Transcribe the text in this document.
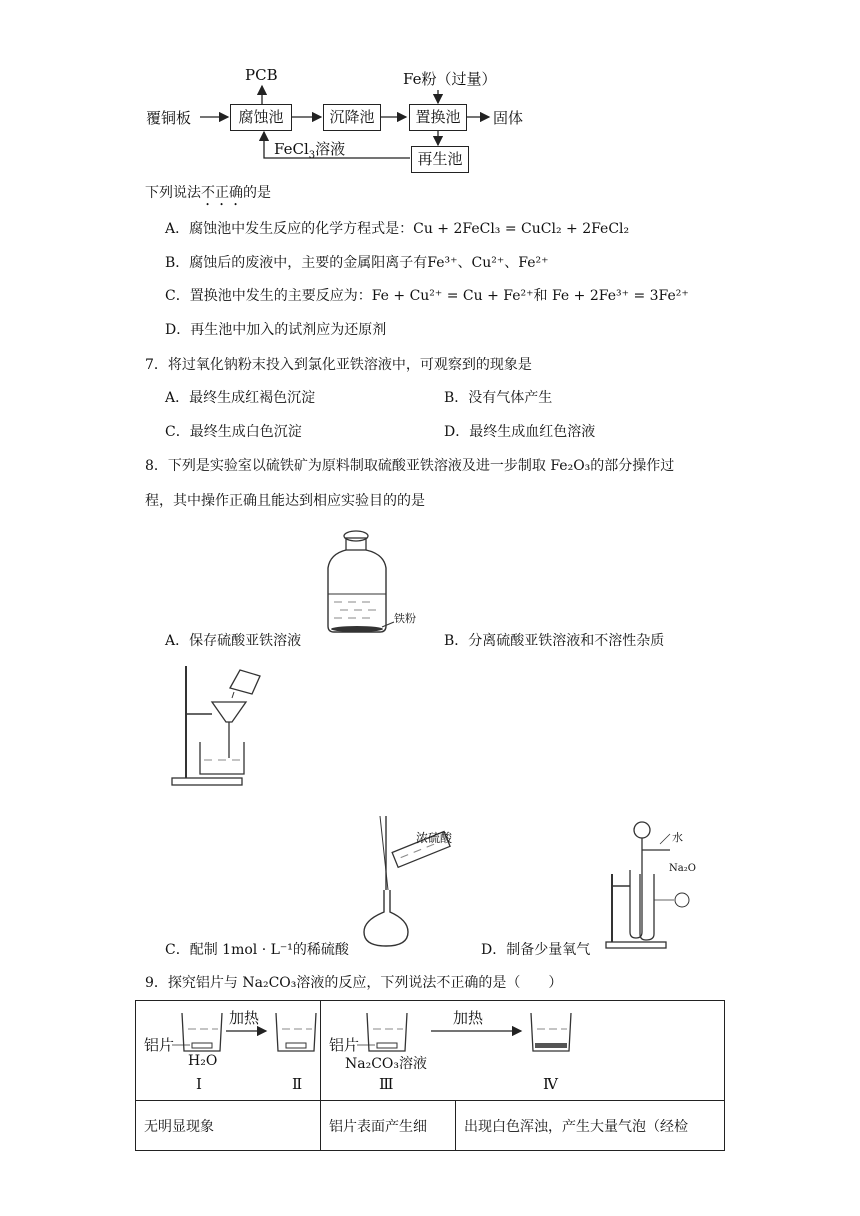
PCB
覆铜板	腐蚀池	沉降池	置换池	固体
Fe粉（过量）
再生池
FeCl$_3$溶液
下列说法不正确的是
A．腐蚀池中发生反应的化学方程式是：Cu + 2FeCl₃ = CuCl₂ + 2FeCl₂
B．腐蚀后的废液中，主要的金属阳离子有Fe³⁺、Cu²⁺、Fe²⁺
C．置换池中发生的主要反应为：Fe + Cu²⁺ = Cu + Fe²⁺和 Fe + 2Fe³⁺ = 3Fe²⁺
D．再生池中加入的试剂应为还原剂
7．将过氧化钠粉末投入到氯化亚铁溶液中，可观察到的现象是
A．最终生成红褐色沉淀	B．没有气体产生
C．最终生成白色沉淀	D．最终生成血红色溶液
8．下列是实验室以硫铁矿为原料制取硫酸亚铁溶液及进一步制取 Fe₂O₃的部分操作过
程，其中操作正确且能达到相应实验目的的是
铁粉
A．保存硫酸亚铁溶液	B．分离硫酸亚铁溶液和不溶性杂质
浓硫酸	水
Na₂O
C．配制 1mol · L⁻¹的稀硫酸	D．制备少量氧气
9．探究铝片与 Na₂CO₃溶液的反应，下列说法不正确的是（　　）
加热
铝片
H₂O
Ⅰ Ⅱ	加热
铝片
Na₂CO₃溶液
Ⅲ Ⅳ	

无明显现象	铝片表面产生细	出现白色浑浊，产生大量气泡（经检
